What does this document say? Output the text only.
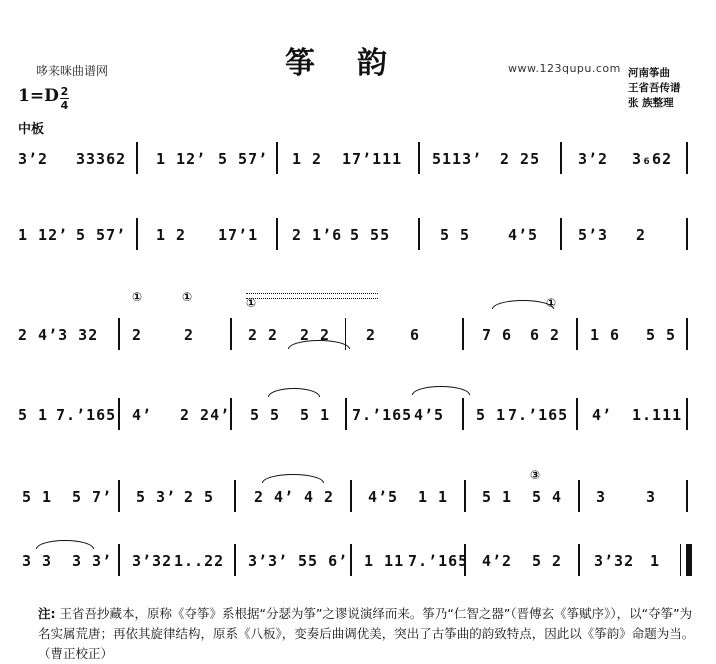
哆来咪曲谱网	www.123qupu.com
筝韵	河南筝曲
王省吾传谱
张 族整理
1=D 2
4
中板
3ʼ2 33362 1 12ʼ 5 57ʼ 1 2 17ʼ111 5113ʼ 2 25	3ʼ2 3₆62
1 12ʼ 5 57ʼ 1 2 17ʼ1 2 1ʼ6 5 55	5 5	4ʼ5	5ʼ3 2
①	①	①	①
2 4ʼ3 32 2	2	2 2 2 2 2 6	7 6 6 2 1 6 5 5
5 1 7.ʼ165 4ʼ 2 24ʼ 5 5 5 1 7.ʼ165 4ʼ5 5 1 7.ʼ165 4ʼ 1.111
③
5 1 5 7ʼ 5 3ʼ 2 5	2 4ʼ 4 2 4ʼ5 1 1 5 1 5 4 3	3
3 3 3 3ʼ 3ʼ32 1..22 3ʼ3ʼ 55 6ʼ 1 11 7.ʼ165 4ʼ2 5 2 3ʼ32 1
注: 王省吾抄藏本，原称《夺筝》系根据“分瑟为筝”之谬说演绎而来。筝乃“仁智之器”（晋傅玄《筝赋序》），以“夺筝”为名实属荒唐；再依其旋律结构，原系《八板》，变奏后曲调优美，突出了古筝曲的韵致特点，因此以《筝韵》命题为当。（曹正校正）
